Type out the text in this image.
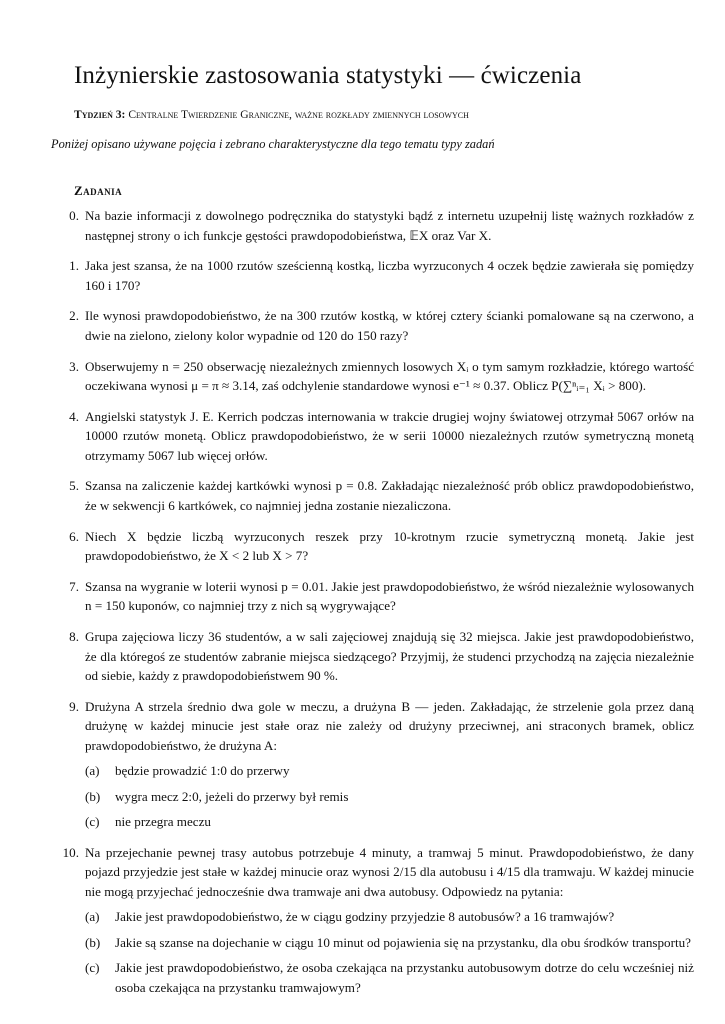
Inżynierskie zastosowania statystyki — ćwiczenia
Tydzień 3: Centralne Twierdzenie Graniczne, ważne rozkłady zmiennych losowych
Poniżej opisano używane pojęcia i zebrano charakterystyczne dla tego tematu typy zadań
Zadania
0. Na bazie informacji z dowolnego podręcznika do statystyki bądź z internetu uzupełnij listę ważnych rozkładów z następnej strony o ich funkcje gęstości prawdopodobieństwa, 𝔼X oraz Var X.
1. Jaka jest szansa, że na 1000 rzutów sześcienną kostką, liczba wyrzuconych 4 oczek będzie zawierała się pomiędzy 160 i 170?
2. Ile wynosi prawdopodobieństwo, że na 300 rzutów kostką, w której cztery ścianki pomalowane są na czerwono, a dwie na zielono, zielony kolor wypadnie od 120 do 150 razy?
3. Obserwujemy n = 250 obserwację niezależnych zmiennych losowych Xᵢ o tym samym rozkładzie, którego wartość oczekiwana wynosi μ = π ≈ 3.14, zaś odchylenie standardowe wynosi e⁻¹ ≈ 0.37. Oblicz P(∑ⁿᵢ₌₁ Xᵢ > 800).
4. Angielski statystyk J. E. Kerrich podczas internowania w trakcie drugiej wojny światowej otrzymał 5067 orłów na 10000 rzutów monetą. Oblicz prawdopodobieństwo, że w serii 10000 niezależnych rzutów symetryczną monetą otrzymamy 5067 lub więcej orłów.
5. Szansa na zaliczenie każdej kartkówki wynosi p = 0.8. Zakładając niezależność prób oblicz prawdopodobieństwo, że w sekwencji 6 kartkówek, co najmniej jedna zostanie niezaliczona.
6. Niech X będzie liczbą wyrzuconych reszek przy 10-krotnym rzucie symetryczną monetą. Jakie jest prawdopodobieństwo, że X < 2 lub X > 7?
7. Szansa na wygranie w loterii wynosi p = 0.01. Jakie jest prawdopodobieństwo, że wśród niezależnie wylosowanych n = 150 kuponów, co najmniej trzy z nich są wygrywające?
8. Grupa zajęciowa liczy 36 studentów, a w sali zajęciowej znajdują się 32 miejsca. Jakie jest prawdopodobieństwo, że dla któregoś ze studentów zabranie miejsca siedzącego? Przyjmij, że studenci przychodzą na zajęcia niezależnie od siebie, każdy z prawdopodobieństwem 90 %.
9. Drużyna A strzela średnio dwa gole w meczu, a drużyna B — jeden. Zakładając, że strzelenie gola przez daną drużynę w każdej minucie jest stałe oraz nie zależy od drużyny przeciwnej, ani straconych bramek, oblicz prawdopodobieństwo, że drużyna A:
(a) będzie prowadzić 1:0 do przerwy
(b) wygra mecz 2:0, jeżeli do przerwy był remis
(c) nie przegra meczu
10. Na przejechanie pewnej trasy autobus potrzebuje 4 minuty, a tramwaj 5 minut. Prawdopodobieństwo, że dany pojazd przyjedzie jest stałe w każdej minucie oraz wynosi 2/15 dla autobusu i 4/15 dla tramwaju. W każdej minucie nie mogą przyjechać jednocześnie dwa tramwaje ani dwa autobusy. Odpowiedz na pytania:
(a) Jakie jest prawdopodobieństwo, że w ciągu godziny przyjedzie 8 autobusów? a 16 tramwajów?
(b) Jakie są szanse na dojechanie w ciągu 10 minut od pojawienia się na przystanku, dla obu środków transportu?
(c) Jakie jest prawdopodobieństwo, że osoba czekająca na przystanku autobusowym dotrze do celu wcześniej niż osoba czekająca na przystanku tramwajowym?
